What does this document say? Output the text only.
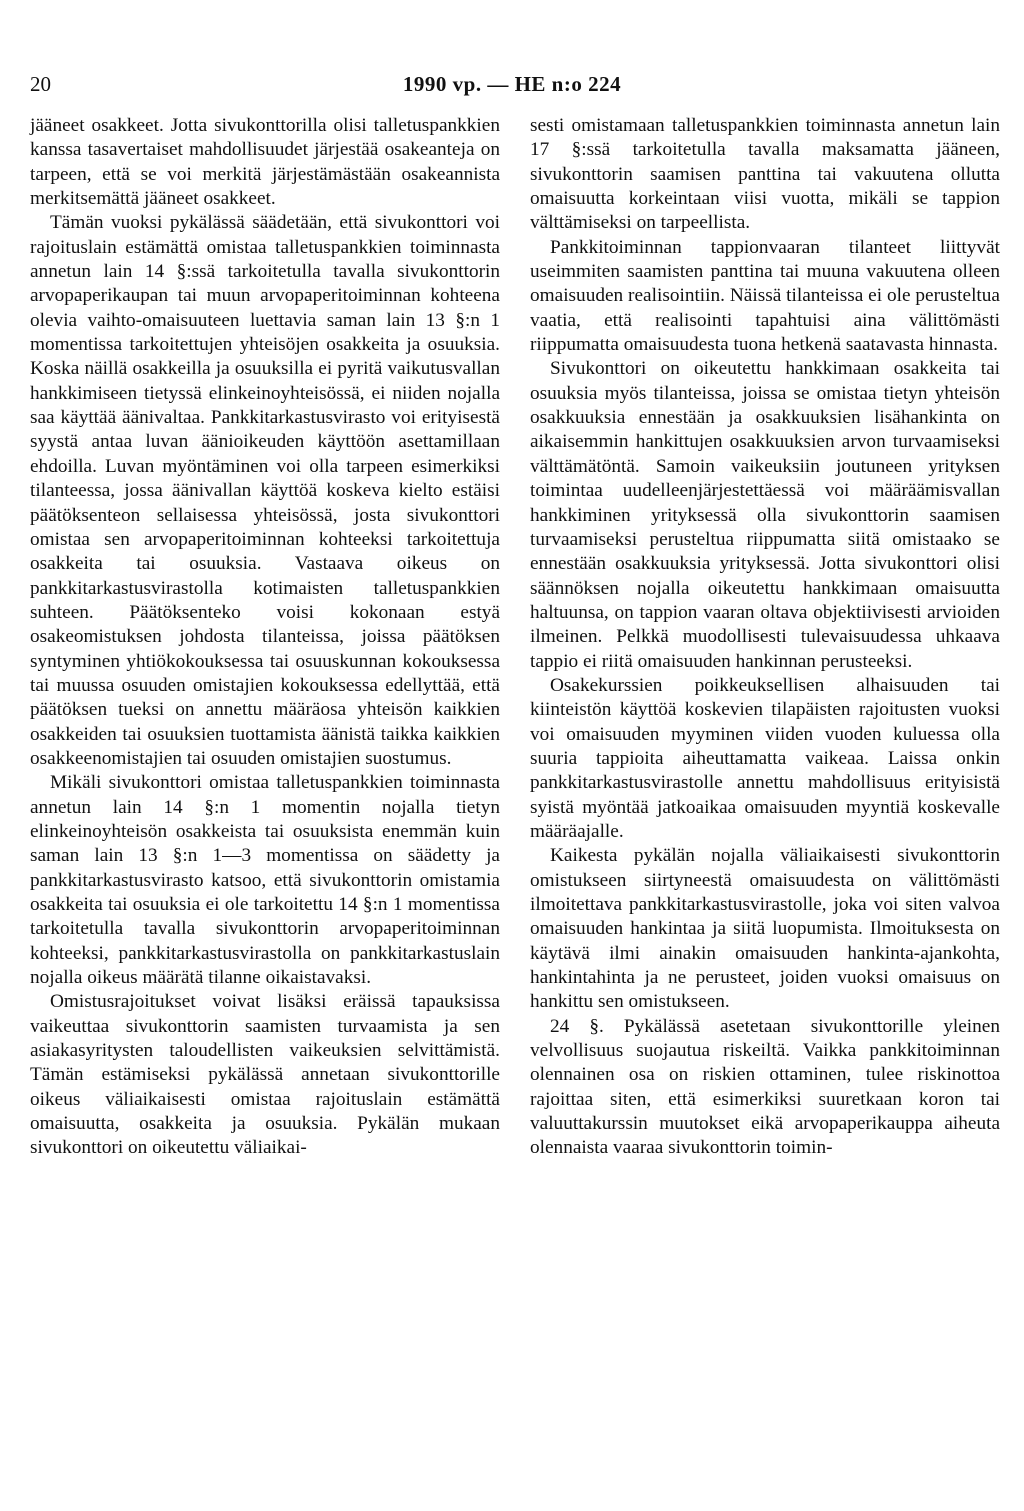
20	1990 vp. — HE n:o 224

jääneet osakkeet. Jotta sivukonttorilla olisi talletuspankkien kanssa tasavertaiset mahdollisuudet järjestää osakeanteja on tarpeen, että se voi merkitä järjestämästään osakeannista merkitsemättä jääneet osakkeet.

Tämän vuoksi pykälässä säädetään, että sivukonttori voi rajoituslain estämättä omistaa talletuspankkien toiminnasta annetun lain 14 §:ssä tarkoitetulla tavalla sivukonttorin arvopaperikaupan tai muun arvopaperitoiminnan kohteena olevia vaihto-omaisuuteen luettavia saman lain 13 §:n 1 momentissa tarkoitettujen yhteisöjen osakkeita ja osuuksia. Koska näillä osakkeilla ja osuuksilla ei pyritä vaikutusvallan hankkimiseen tietyssä elinkeinoyhteisössä, ei niiden nojalla saa käyttää äänivaltaa. Pankkitarkastusvirasto voi erityisestä syystä antaa luvan äänioikeuden käyttöön asettamillaan ehdoilla. Luvan myöntäminen voi olla tarpeen esimerkiksi tilanteessa, jossa äänivallan käyttöä koskeva kielto estäisi päätöksenteon sellaisessa yhteisössä, josta sivukonttori omistaa sen arvopaperitoiminnan kohteeksi tarkoitettuja osakkeita tai osuuksia. Vastaava oikeus on pankkitarkastusvirastolla kotimaisten talletuspankkien suhteen. Päätöksenteko voisi kokonaan estyä osakeomistuksen johdosta tilanteissa, joissa päätöksen syntyminen yhtiökokouksessa tai osuuskunnan kokouksessa tai muussa osuuden omistajien kokouksessa edellyttää, että päätöksen tueksi on annettu määräosa yhteisön kaikkien osakkeiden tai osuuksien tuottamista äänistä taikka kaikkien osakkeenomistajien tai osuuden omistajien suostumus.

Mikäli sivukonttori omistaa talletuspankkien toiminnasta annetun lain 14 §:n 1 momentin nojalla tietyn elinkeinoyhteisön osakkeista tai osuuksista enemmän kuin saman lain 13 §:n 1—3 momentissa on säädetty ja pankkitarkastusvirasto katsoo, että sivukonttorin omistamia osakkeita tai osuuksia ei ole tarkoitettu 14 §:n 1 momentissa tarkoitetulla tavalla sivukonttorin arvopaperitoiminnan kohteeksi, pankkitarkastusvirastolla on pankkitarkastuslain nojalla oikeus määrätä tilanne oikaistavaksi.

Omistusrajoitukset voivat lisäksi eräissä tapauksissa vaikeuttaa sivukonttorin saamisten turvaamista ja sen asiakasyritysten taloudellisten vaikeuksien selvittämistä. Tämän estämiseksi pykälässä annetaan sivukonttorille oikeus väliaikaisesti omistaa rajoituslain estämättä omaisuutta, osakkeita ja osuuksia. Pykälän mukaan sivukonttori on oikeutettu väliaikai-

sesti omistamaan talletuspankkien toiminnasta annetun lain 17 §:ssä tarkoitetulla tavalla maksamatta jääneen, sivukonttorin saamisen panttina tai vakuutena ollutta omaisuutta korkeintaan viisi vuotta, mikäli se tappion välttämiseksi on tarpeellista.

Pankkitoiminnan tappionvaaran tilanteet liittyvät useimmiten saamisten panttina tai muuna vakuutena olleen omaisuuden realisointiin. Näissä tilanteissa ei ole perusteltua vaatia, että realisointi tapahtuisi aina välittömästi riippumatta omaisuudesta tuona hetkenä saatavasta hinnasta.

Sivukonttori on oikeutettu hankkimaan osakkeita tai osuuksia myös tilanteissa, joissa se omistaa tietyn yhteisön osakkuuksia ennestään ja osakkuuksien lisähankinta on aikaisemmin hankittujen osakkuuksien arvon turvaamiseksi välttämätöntä. Samoin vaikeuksiin joutuneen yrityksen toimintaa uudelleenjärjestettäessä voi määräämisvallan hankkiminen yrityksessä olla sivukonttorin saamisen turvaamiseksi perusteltua riippumatta siitä omistaako se ennestään osakkuuksia yrityksessä. Jotta sivukonttori olisi säännöksen nojalla oikeutettu hankkimaan omaisuutta haltuunsa, on tappion vaaran oltava objektiivisesti arvioiden ilmeinen. Pelkkä muodollisesti tulevaisuudessa uhkaava tappio ei riitä omaisuuden hankinnan perusteeksi.

Osakekurssien poikkeuksellisen alhaisuuden tai kiinteistön käyttöä koskevien tilapäisten rajoitusten vuoksi voi omaisuuden myyminen viiden vuoden kuluessa olla suuria tappioita aiheuttamatta vaikeaa. Laissa onkin pankkitarkastusvirastolle annettu mahdollisuus erityisistä syistä myöntää jatkoaikaa omaisuuden myyntiä koskevalle määräajalle.

Kaikesta pykälän nojalla väliaikaisesti sivukonttorin omistukseen siirtyneestä omaisuudesta on välittömästi ilmoitettava pankkitarkastusvirastolle, joka voi siten valvoa omaisuuden hankintaa ja siitä luopumista. Ilmoituksesta on käytävä ilmi ainakin omaisuuden hankinta-ajankohta, hankintahinta ja ne perusteet, joiden vuoksi omaisuus on hankittu sen omistukseen.

24 §. Pykälässä asetetaan sivukonttorille yleinen velvollisuus suojautua riskeiltä. Vaikka pankkitoiminnan olennainen osa on riskien ottaminen, tulee riskinottoa rajoittaa siten, että esimerkiksi suuretkaan koron tai valuuttakurssin muutokset eikä arvopaperikauppa aiheuta olennaista vaaraa sivukonttorin toimin-
